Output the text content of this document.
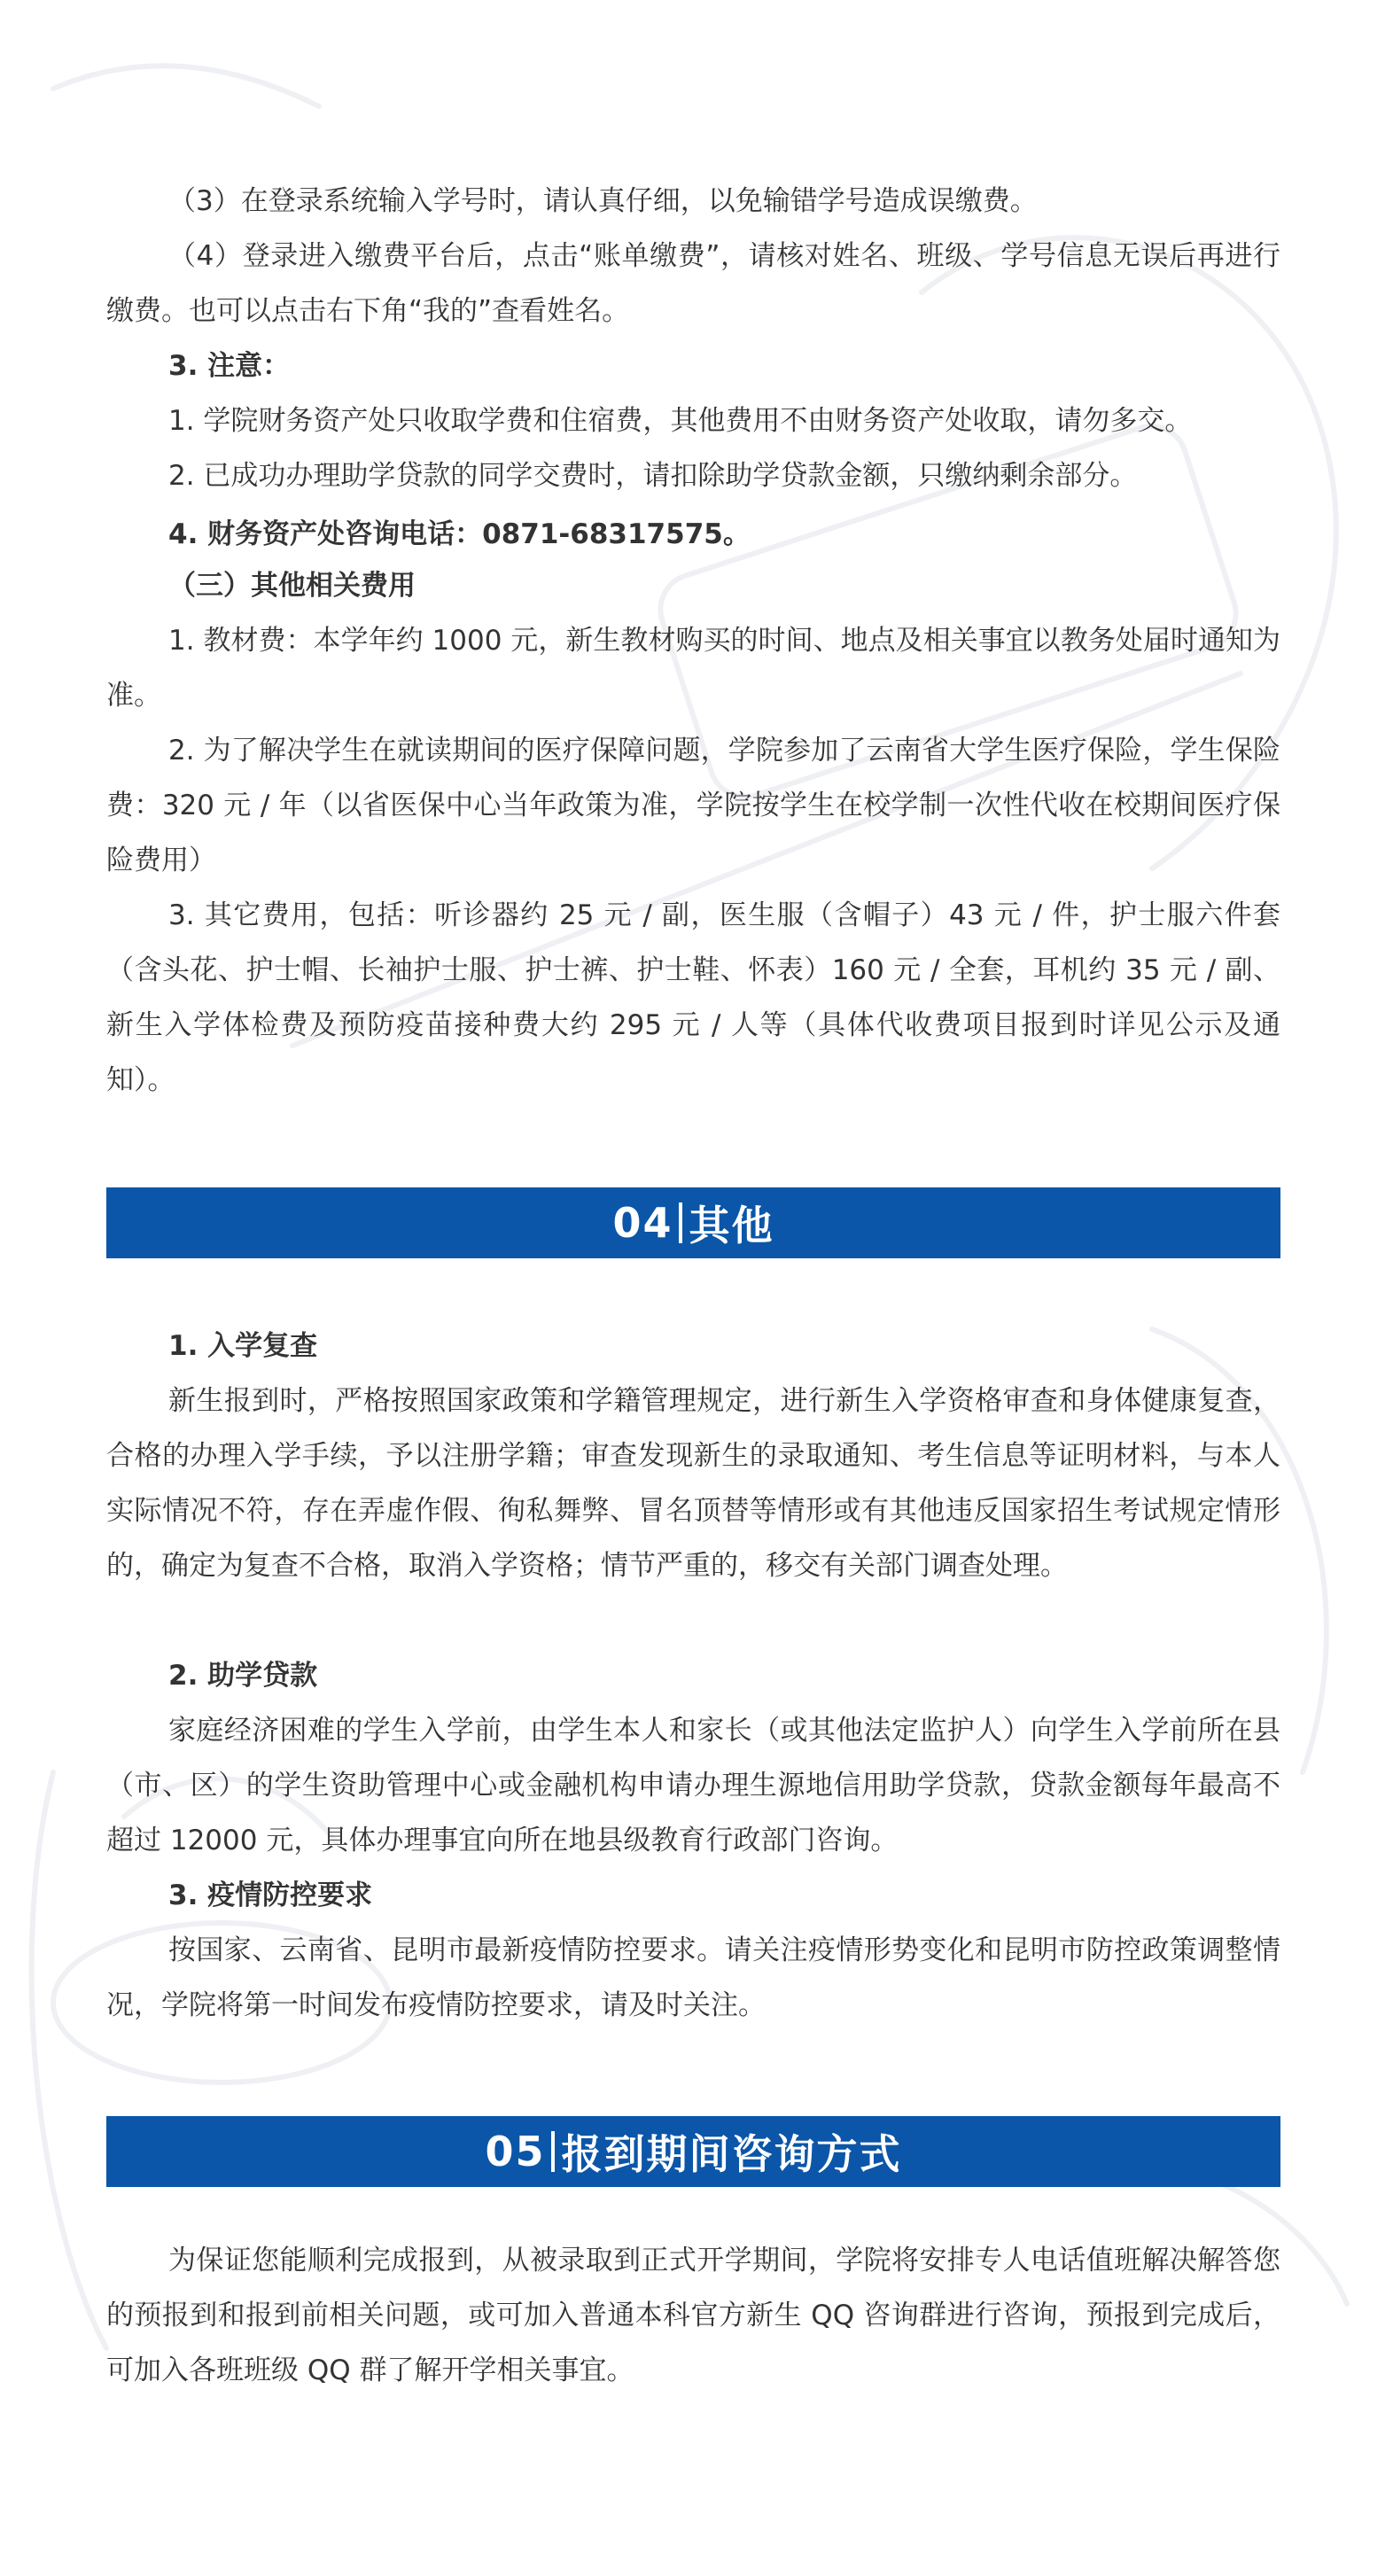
（3）在登录系统输入学号时，请认真仔细，以免输错学号造成误缴费。

（4）登录进入缴费平台后，点击“账单缴费”，请核对姓名、班级、学号信息无误后再进行缴费。也可以点击右下角“我的”查看姓名。

3. 注意：

1. 学院财务资产处只收取学费和住宿费，其他费用不由财务资产处收取，请勿多交。

2. 已成功办理助学贷款的同学交费时，请扣除助学贷款金额，只缴纳剩余部分。

4. 财务资产处咨询电话：0871-68317575。

（三）其他相关费用

1. 教材费：本学年约 1000 元，新生教材购买的时间、地点及相关事宜以教务处届时通知为准。

2. 为了解决学生在就读期间的医疗保障问题，学院参加了云南省大学生医疗保险，学生保险费：320 元 / 年（以省医保中心当年政策为准，学院按学生在校学制一次性代收在校期间医疗保险费用）

3. 其它费用，包括：听诊器约 25 元 / 副，医生服（含帽子）43 元 / 件，护士服六件套（含头花、护士帽、长袖护士服、护士裤、护士鞋、怀表）160 元 / 全套，耳机约 35 元 / 副、新生入学体检费及预防疫苗接种费大约 295 元 / 人等（具体代收费项目报到时详见公示及通知）。

04 其他

1. 入学复查

新生报到时，严格按照国家政策和学籍管理规定，进行新生入学资格审查和身体健康复查，合格的办理入学手续，予以注册学籍；审查发现新生的录取通知、考生信息等证明材料，与本人实际情况不符，存在弄虚作假、徇私舞弊、冒名顶替等情形或有其他违反国家招生考试规定情形的，确定为复查不合格，取消入学资格；情节严重的，移交有关部门调查处理。

2. 助学贷款

家庭经济困难的学生入学前，由学生本人和家长（或其他法定监护人）向学生入学前所在县（市、区）的学生资助管理中心或金融机构申请办理生源地信用助学贷款，贷款金额每年最高不超过 12000 元，具体办理事宜向所在地县级教育行政部门咨询。

3. 疫情防控要求

按国家、云南省、昆明市最新疫情防控要求。请关注疫情形势变化和昆明市防控政策调整情况，学院将第一时间发布疫情防控要求，请及时关注。

05 报到期间咨询方式

为保证您能顺利完成报到，从被录取到正式开学期间，学院将安排专人电话值班解决解答您的预报到和报到前相关问题，或可加入普通本科官方新生 QQ 咨询群进行咨询，预报到完成后，可加入各班班级 QQ 群了解开学相关事宜。
